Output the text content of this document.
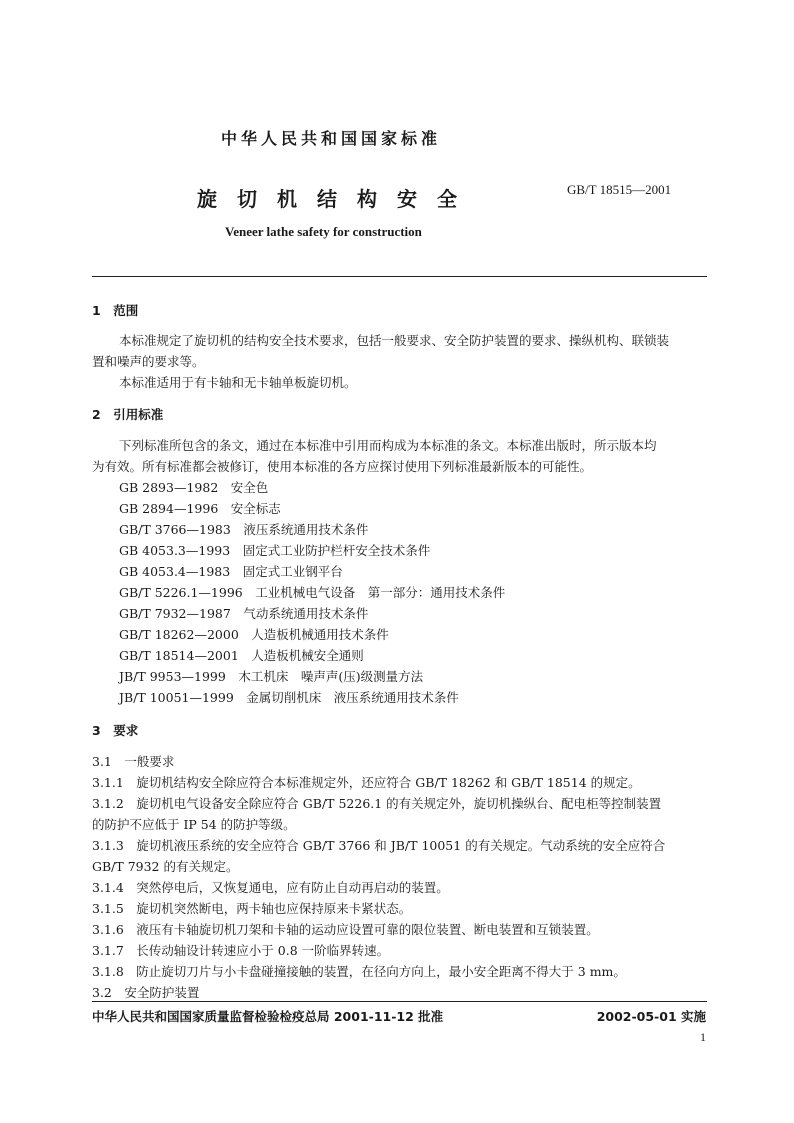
中华人民共和国国家标准
旋切机结构安全	GB/T 18515—2001
Veneer lathe safety for construction
1　范围
本标准规定了旋切机的结构安全技术要求，包括一般要求、安全防护装置的要求、操纵机构、联锁装
置和噪声的要求等。
本标准适用于有卡轴和无卡轴单板旋切机。
2　引用标准
下列标准所包含的条文，通过在本标准中引用而构成为本标准的条文。本标准出版时，所示版本均
为有效。所有标准都会被修订，使用本标准的各方应探讨使用下列标准最新版本的可能性。
GB 2893—1982　安全色
GB 2894—1996　安全标志
GB/T 3766—1983　液压系统通用技术条件
GB 4053.3—1993　固定式工业防护栏杆安全技术条件
GB 4053.4—1983　固定式工业钢平台
GB/T 5226.1—1996　工业机械电气设备　第一部分：通用技术条件
GB/T 7932—1987　气动系统通用技术条件
GB/T 18262—2000　人造板机械通用技术条件
GB/T 18514—2001　人造板机械安全通则
JB/T 9953—1999　木工机床　噪声声(压)级测量方法
JB/T 10051—1999　金属切削机床　液压系统通用技术条件
3　要求
3.1　一般要求
3.1.1　旋切机结构安全除应符合本标准规定外，还应符合 GB/T 18262 和 GB/T 18514 的规定。
3.1.2　旋切机电气设备安全除应符合 GB/T 5226.1 的有关规定外，旋切机操纵台、配电柜等控制装置
的防护不应低于 IP 54 的防护等级。
3.1.3　旋切机液压系统的安全应符合 GB/T 3766 和 JB/T 10051 的有关规定。气动系统的安全应符合
GB/T 7932 的有关规定。
3.1.4　突然停电后，又恢复通电，应有防止自动再启动的装置。
3.1.5　旋切机突然断电，两卡轴也应保持原来卡紧状态。
3.1.6　液压有卡轴旋切机刀架和卡轴的运动应设置可靠的限位装置、断电装置和互锁装置。
3.1.7　长传动轴设计转速应小于 0.8 一阶临界转速。
3.1.8　防止旋切刀片与小卡盘碰撞接触的装置，在径向方向上，最小安全距离不得大于 3 mm。
3.2　安全防护装置
中华人民共和国国家质量监督检验检疫总局 2001-11-12 批准	2002-05-01 实施
1
